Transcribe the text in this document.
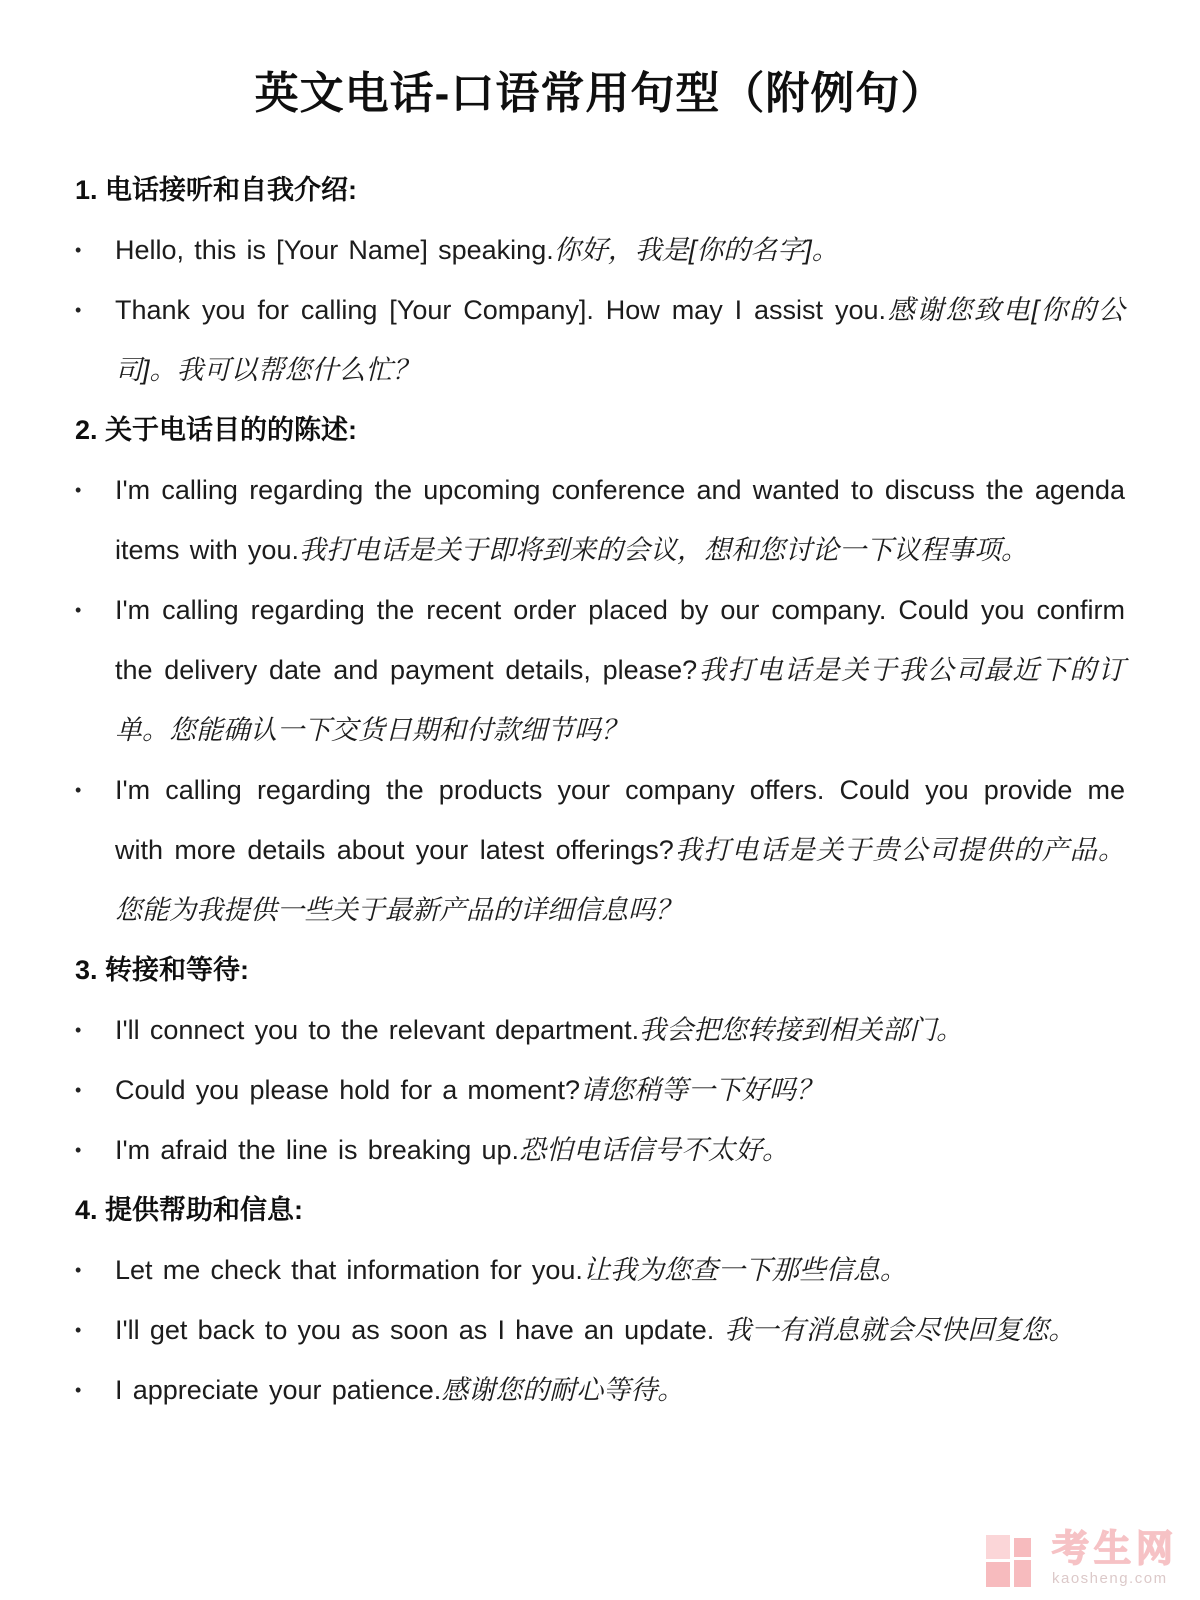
英文电话-口语常用句型（附例句）
1. 电话接听和自我介绍:
•	Hello, this is [Your Name] speaking.你好，我是[你的名字]。
•	Thank you for calling [Your Company]. How may I assist you.感谢您致电[你的公司]。我可以帮您什么忙？
2. 关于电话目的的陈述:
•	I'm calling regarding the upcoming conference and wanted to discuss the agenda items with you.我打电话是关于即将到来的会议，想和您讨论一下议程事项。
•	I'm calling regarding the recent order placed by our company. Could you confirm the delivery date and payment details, please?我打电话是关于我公司最近下的订单。您能确认一下交货日期和付款细节吗？
•	I'm calling regarding the products your company offers. Could you provide me with more details about your latest offerings?我打电话是关于贵公司提供的产品。您能为我提供一些关于最新产品的详细信息吗？
3. 转接和等待:
•	I'll connect you to the relevant department.我会把您转接到相关部门。
•	Could you please hold for a moment?请您稍等一下好吗？
•	I'm afraid the line is breaking up.恐怕电话信号不太好。
4. 提供帮助和信息:
•	Let me check that information for you.让我为您查一下那些信息。
•	I'll get back to you as soon as I have an update. 我一有消息就会尽快回复您。
•	I appreciate your patience.感谢您的耐心等待。
考生网
kaosheng.com
